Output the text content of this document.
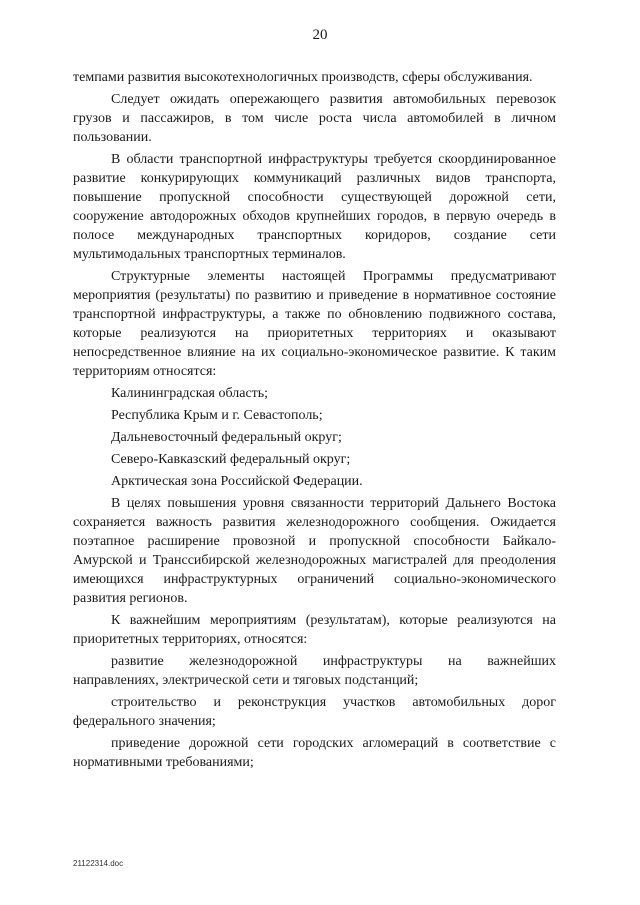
20

темпами развития высокотехнологичных производств, сферы обслуживания.

Следует ожидать опережающего развития автомобильных перевозок грузов и пассажиров, в том числе роста числа автомобилей в личном пользовании.

В области транспортной инфраструктуры требуется скоординированное развитие конкурирующих коммуникаций различных видов транспорта, повышение пропускной способности существующей дорожной сети, сооружение автодорожных обходов крупнейших городов, в первую очередь в полосе международных транспортных коридоров, создание сети мультимодальных транспортных терминалов.

Структурные элементы настоящей Программы предусматривают мероприятия (результаты) по развитию и приведение в нормативное состояние транспортной инфраструктуры, а также по обновлению подвижного состава, которые реализуются на приоритетных территориях и оказывают непосредственное влияние на их социально-экономическое развитие. К таким территориям относятся:

Калининградская область;

Республика Крым и г. Севастополь;

Дальневосточный федеральный округ;

Северо-Кавказский федеральный округ;

Арктическая зона Российской Федерации.

В целях повышения уровня связанности территорий Дальнего Востока сохраняется важность развития железнодорожного сообщения. Ожидается поэтапное расширение провозной и пропускной способности Байкало-Амурской и Транссибирской железнодорожных магистралей для преодоления имеющихся инфраструктурных ограничений социально-экономического развития регионов.

К важнейшим мероприятиям (результатам), которые реализуются на приоритетных территориях, относятся:

развитие железнодорожной инфраструктуры на важнейших направлениях, электрической сети и тяговых подстанций;

строительство и реконструкция участков автомобильных дорог федерального значения;

приведение дорожной сети городских агломераций в соответствие с нормативными требованиями;

21122314.doc
